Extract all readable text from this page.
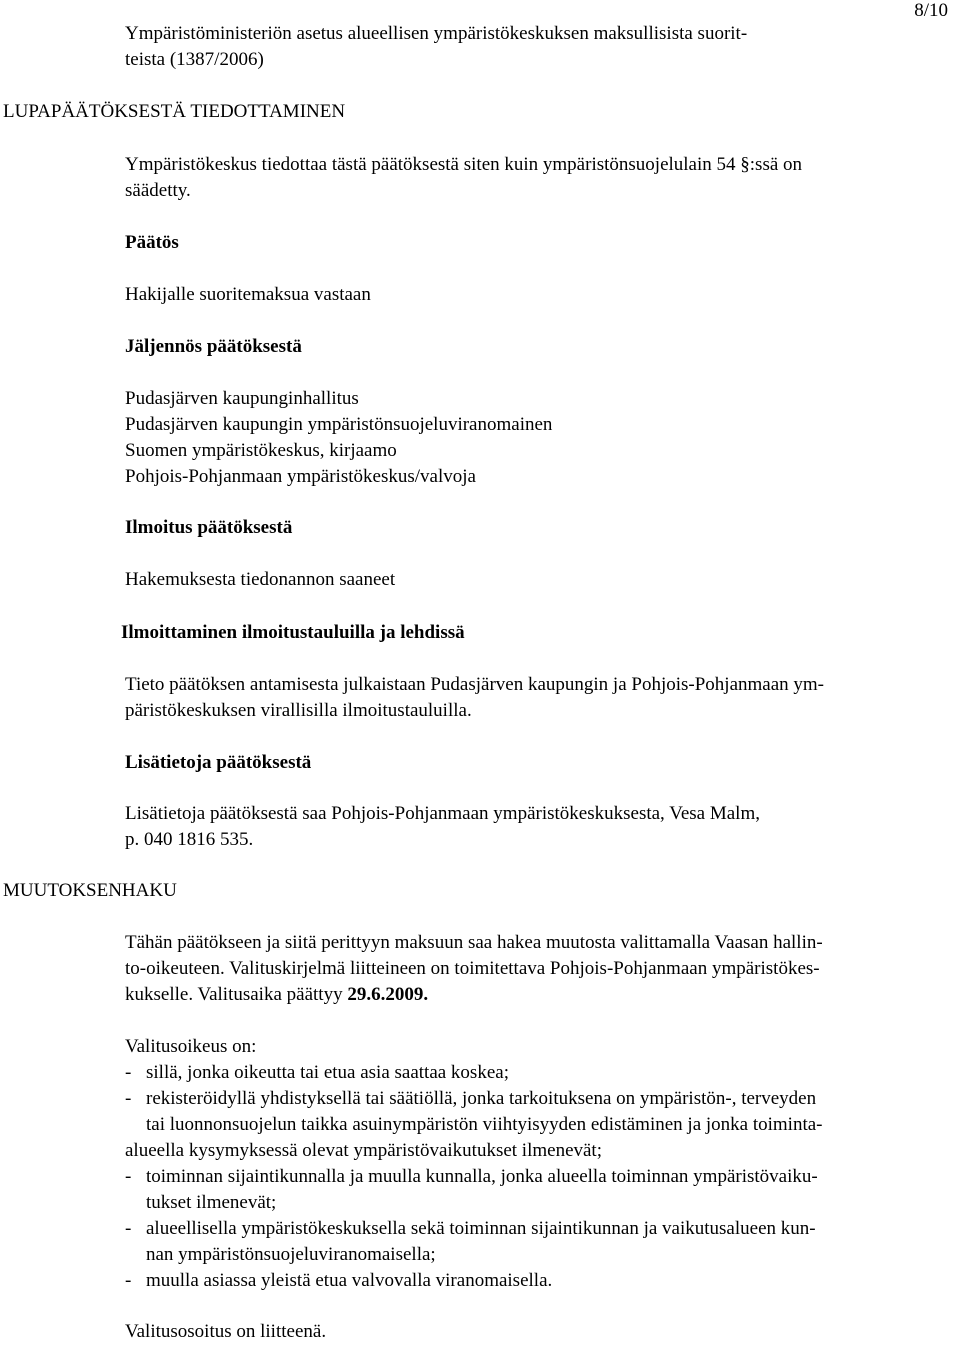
8/10

Ympäristöministeriön asetus alueellisen ympäristökeskuksen maksullisista suorit-

teista (1387/2006)

LUPAPÄÄTÖKSESTÄ TIEDOTTAMINEN

Ympäristökeskus tiedottaa tästä päätöksestä siten kuin ympäristönsuojelulain 54 §:ssä on

säädetty.

Päätös
Hakijalle suoritemaksua vastaan
Jäljennös päätöksestä

Pudasjärven kaupunginhallitus

Pudasjärven kaupungin ympäristönsuojeluviranomainen

Suomen ympäristökeskus, kirjaamo

Pohjois-Pohjanmaan ympäristökeskus/valvoja

Ilmoitus päätöksestä
Hakemuksesta tiedonannon saaneet
Ilmoittaminen ilmoitustauluilla ja lehdissä

Tieto päätöksen antamisesta julkaistaan Pudasjärven kaupungin ja Pohjois-Pohjanmaan ym-

päristökeskuksen virallisilla ilmoitustauluilla.

Lisätietoja päätöksestä

Lisätietoja päätöksestä saa Pohjois-Pohjanmaan ympäristökeskuksesta, Vesa Malm,

p. 040 1816 535.

MUUTOKSENHAKU

Tähän päätökseen ja siitä perittyyn maksuun saa hakea muutosta valittamalla Vaasan hallin-

to-oikeuteen. Valituskirjelmä liitteineen on toimitettava Pohjois-Pohjanmaan ympäristökes-

kukselle. Valitusaika päättyy 29.6.2009.

Valitusoikeus on:
- sillä, jonka oikeutta tai etua asia saattaa koskea;

- rekisteröidyllä yhdistyksellä tai säätiöllä, jonka tarkoituksena on ympäristön-, terveyden

tai luonnonsuojelun taikka asuinympäristön viihtyisyyden edistäminen ja jonka toiminta-

alueella kysymyksessä olevat ympäristövaikutukset ilmenevät;

- toiminnan sijaintikunnalla ja muulla kunnalla, jonka alueella toiminnan ympäristövaiku-

tukset ilmenevät;

- alueellisella ympäristökeskuksella sekä toiminnan sijaintikunnan ja vaikutusalueen kun-

nan ympäristönsuojeluviranomaisella;

- muulla asiassa yleistä etua valvovalla viranomaisella.

Valitusosoitus on liitteenä.
